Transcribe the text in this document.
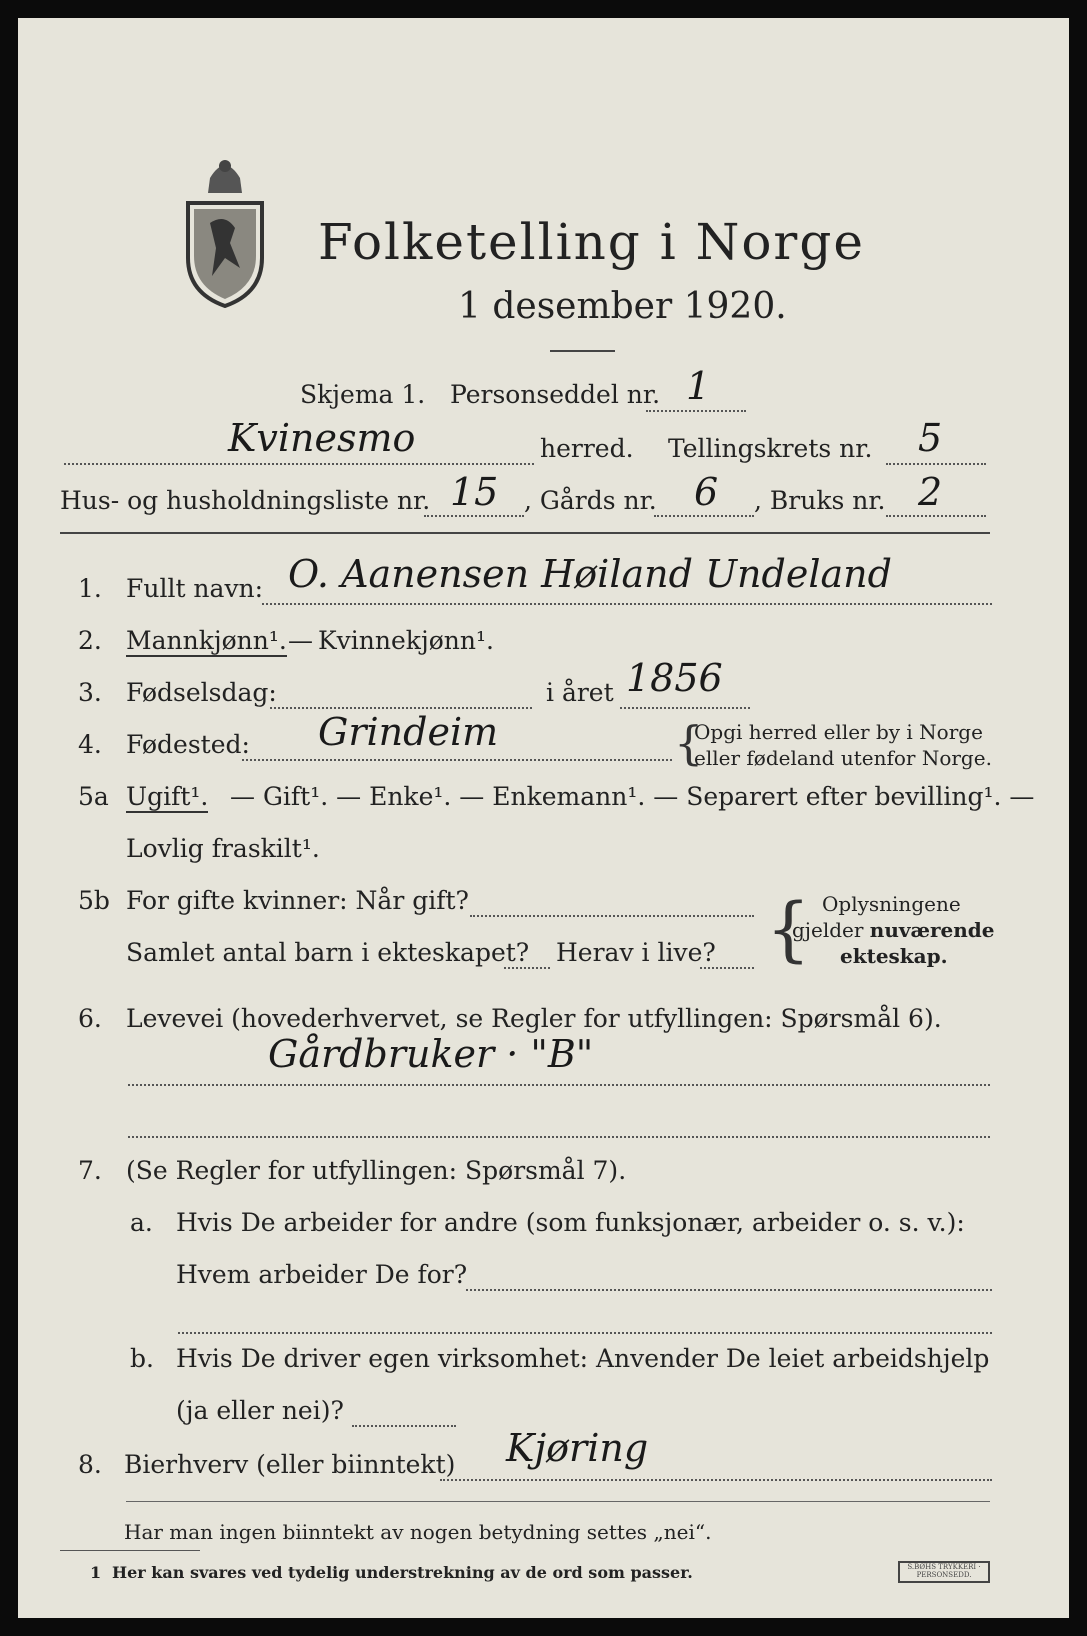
Folketelling i Norge
1 desember 1920.
Skjema 1. Personseddel nr. 1
Kvinesmo	herred. Tellingskrets nr. 5
Hus- og husholdningsliste nr. 15 , Gårds nr. 6 , Bruks nr. 2
1. Fullt navn: O. Aanensen Høiland Undeland
2. Mannkjønn¹. — Kvinnekjønn¹.
3. Fødselsdag:	i året 1856
4. Fødested: Grindeim	{
Opgi herred eller by i Norge
eller fødeland utenfor Norge.
5a Ugift¹. — Gift¹. — Enke¹. — Enkemann¹. — Separert efter bevilling¹. —
Lovlig fraskilt¹.
5b For gifte kvinner: Når gift?
Samlet antal barn i ekteskapet? Herav i live? { Oplysningene
gjelder nuværende
ekteskap.
6. Levevei (hovederhvervet, se Regler for utfyllingen: Spørsmål 6).
Gårdbruker · "B"
7. (Se Regler for utfyllingen: Spørsmål 7).
a. Hvis De arbeider for andre (som funksjonær, arbeider o. s. v.):
Hvem arbeider De for?
b. Hvis De driver egen virksomhet: Anvender De leiet arbeidshjelp
(ja eller nei)?
8. Bierhverv (eller biinntekt) Kjøring
Har man ingen biinntekt av nogen betydning settes „nei“.
1 Her kan svares ved tydelig understrekning av de ord som passer.	S.BØHS TRYKKERI · PERSONSEDD.
